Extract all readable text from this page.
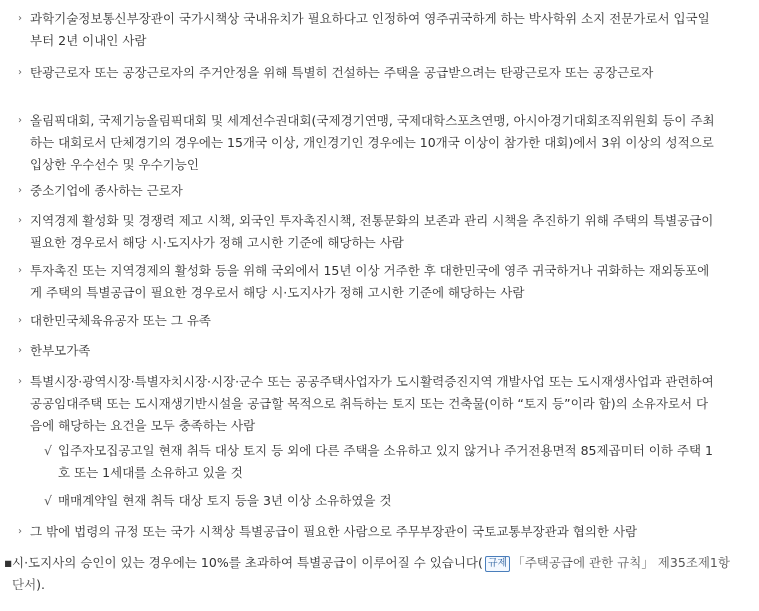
› 과학기술정보통신부장관이 국가시책상 국내유치가 필요하다고 인정하여 영주귀국하게 하는 박사학위 소지 전문가로서 입국일부터 2년 이내인 사람
› 탄광근로자 또는 공장근로자의 주거안정을 위해 특별히 건설하는 주택을 공급받으려는 탄광근로자 또는 공장근로자
› 올림픽대회, 국제기능올림픽대회 및 세계선수권대회(국제경기연맹, 국제대학스포츠연맹, 아시아경기대회조직위원회 등이 주최하는 대회로서 단체경기의 경우에는 15개국 이상, 개인경기인 경우에는 10개국 이상이 참가한 대회)에서 3위 이상의 성적으로 입상한 우수선수 및 우수기능인
› 중소기업에 종사하는 근로자
› 지역경제 활성화 및 경쟁력 제고 시책, 외국인 투자촉진시책, 전통문화의 보존과 관리 시책을 추진하기 위해 주택의 특별공급이 필요한 경우로서 해당 시·도지사가 정해 고시한 기준에 해당하는 사람
› 투자촉진 또는 지역경제의 활성화 등을 위해 국외에서 15년 이상 거주한 후 대한민국에 영주 귀국하거나 귀화하는 재외동포에게 주택의 특별공급이 필요한 경우로서 해당 시·도지사가 정해 고시한 기준에 해당하는 사람
› 대한민국체육유공자 또는 그 유족
› 한부모가족
› 특별시장·광역시장·특별자치시장·시장·군수 또는 공공주택사업자가 도시활력증진지역 개발사업 또는 도시재생사업과 관련하여 공공임대주택 또는 도시재생기반시설을 공급할 목적으로 취득하는 토지 또는 건축물(이하 “토지 등”이라 함)의 소유자로서 다음에 해당하는 요건을 모두 충족하는 사람
√ 입주자모집공고일 현재 취득 대상 토지 등 외에 다른 주택을 소유하고 있지 않거나 주거전용면적 85제곱미터 이하 주택 1호 또는 1세대를 소유하고 있을 것
√ 매매계약일 현재 취득 대상 토지 등을 3년 이상 소유하였을 것
› 그 밖에 법령의 규정 또는 국가 시책상 특별공급이 필요한 사람으로 주무부장관이 국토교통부장관과 협의한 사람
▪ 시·도지사의 승인이 있는 경우에는 10%를 초과하여 특별공급이 이루어질 수 있습니다( 규제 「주택공급에 관한 규칙」 제35조제1항 단서).
